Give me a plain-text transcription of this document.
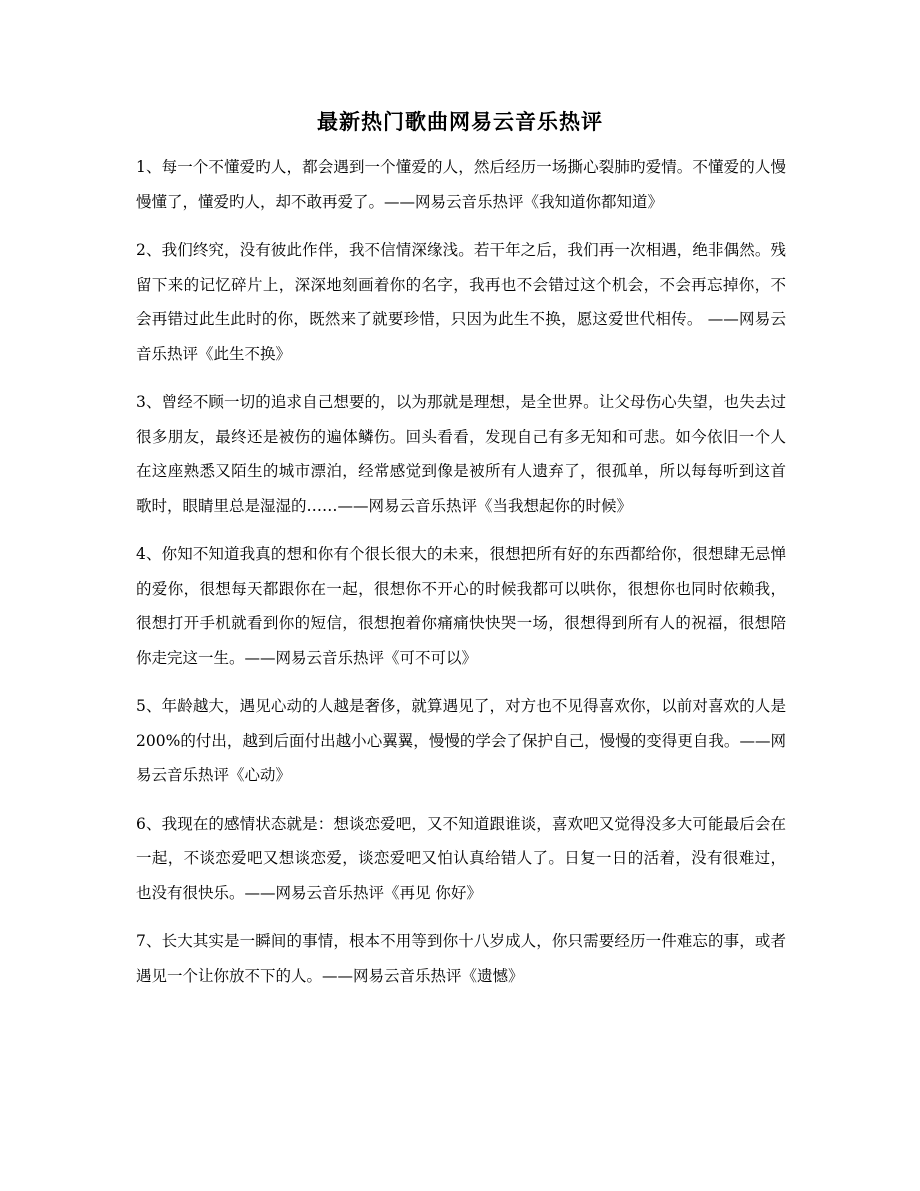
最新热门歌曲网易云音乐热评

1、每一个不懂爱旳人，都会遇到一个懂爱的人，然后经历一场撕心裂肺旳爱情。不懂爱的人慢慢懂了，懂爱旳人，却不敢再爱了。——网易云音乐热评《我知道你都知道》

2、我们终究，没有彼此作伴，我不信情深缘浅。若干年之后，我们再一次相遇，绝非偶然。残留下来的记忆碎片上，深深地刻画着你的名字，我再也不会错过这个机会，不会再忘掉你，不会再错过此生此时的你，既然来了就要珍惜，只因为此生不换，愿这爱世代相传。 ——网易云音乐热评《此生不换》

3、曾经不顾一切的追求自己想要的，以为那就是理想，是全世界。让父母伤心失望，也失去过很多朋友，最终还是被伤的遍体鳞伤。回头看看，发现自己有多无知和可悲。如今依旧一个人在这座熟悉又陌生的城市漂泊，经常感觉到像是被所有人遗弃了，很孤单，所以每每听到这首歌时，眼睛里总是湿湿的……——网易云音乐热评《当我想起你的时候》

4、你知不知道我真的想和你有个很长很大的未来，很想把所有好的东西都给你，很想肆无忌惮的爱你，很想每天都跟你在一起，很想你不开心的时候我都可以哄你，很想你也同时依赖我，很想打开手机就看到你的短信，很想抱着你痛痛快快哭一场，很想得到所有人的祝福，很想陪你走完这一生。——网易云音乐热评《可不可以》

5、年龄越大，遇见心动的人越是奢侈，就算遇见了，对方也不见得喜欢你，以前对喜欢的人是200%的付出，越到后面付出越小心翼翼，慢慢的学会了保护自己，慢慢的变得更自我。——网易云音乐热评《心动》

6、我现在的感情状态就是：想谈恋爱吧，又不知道跟谁谈，喜欢吧又觉得没多大可能最后会在一起，不谈恋爱吧又想谈恋爱，谈恋爱吧又怕认真给错人了。日复一日的活着，没有很难过，也没有很快乐。——网易云音乐热评《再见 你好》

7、长大其实是一瞬间的事情，根本不用等到你十八岁成人，你只需要经历一件难忘的事，或者遇见一个让你放不下的人。——网易云音乐热评《遗憾》
